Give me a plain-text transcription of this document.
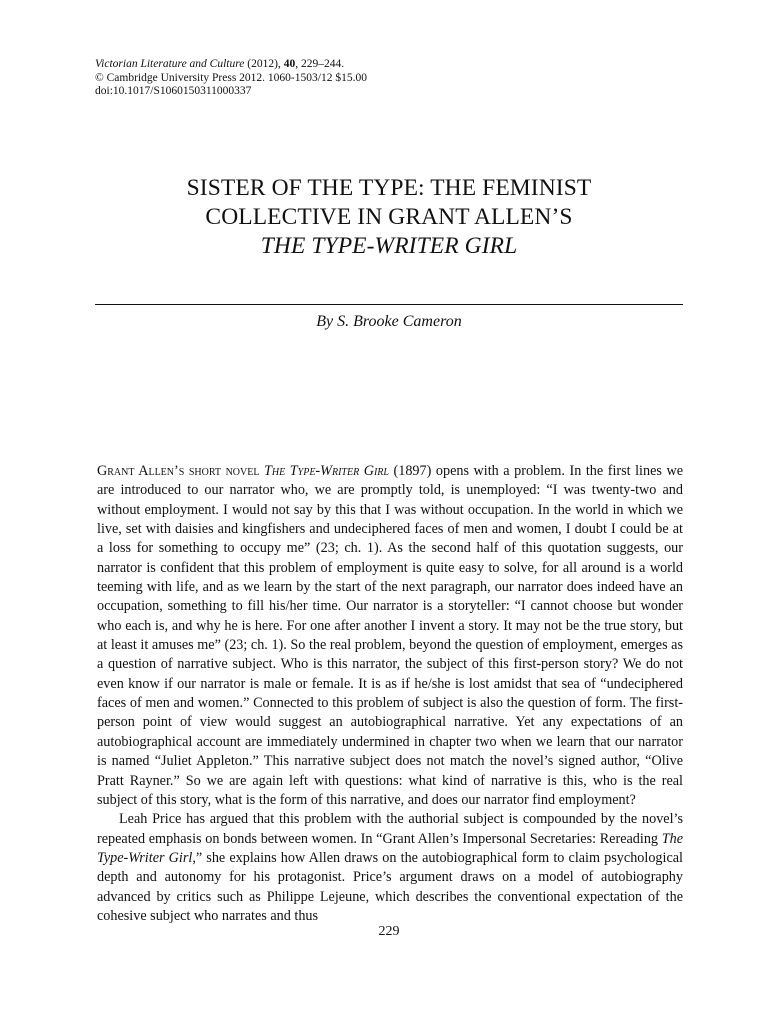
Victorian Literature and Culture (2012), 40, 229–244.
© Cambridge University Press 2012. 1060-1503/12 $15.00
doi:10.1017/S1060150311000337
SISTER OF THE TYPE: THE FEMINIST
COLLECTIVE IN GRANT ALLEN’S
THE TYPE-WRITER GIRL
By S. Brooke Cameron

Grant Allen’s short novel The Type-Writer Girl (1897) opens with a problem. In the first lines we are introduced to our narrator who, we are promptly told, is unemployed: “I was twenty-two and without employment. I would not say by this that I was without occupation. In the world in which we live, set with daisies and kingfishers and undeciphered faces of men and women, I doubt I could be at a loss for something to occupy me” (23; ch. 1). As the second half of this quotation suggests, our narrator is confident that this problem of employment is quite easy to solve, for all around is a world teeming with life, and as we learn by the start of the next paragraph, our narrator does indeed have an occupation, something to fill his/her time. Our narrator is a storyteller: “I cannot choose but wonder who each is, and why he is here. For one after another I invent a story. It may not be the true story, but at least it amuses me” (23; ch. 1). So the real problem, beyond the question of employment, emerges as a question of narrative subject. Who is this narrator, the subject of this first-person story? We do not even know if our narrator is male or female. It is as if he/she is lost amidst that sea of “undeciphered faces of men and women.” Connected to this problem of subject is also the question of form. The first-person point of view would suggest an autobiographical narrative. Yet any expectations of an autobiographical account are immediately undermined in chapter two when we learn that our narrator is named “Juliet Appleton.” This narrative subject does not match the novel’s signed author, “Olive Pratt Rayner.” So we are again left with questions: what kind of narrative is this, who is the real subject of this story, what is the form of this narrative, and does our narrator find employment?

Leah Price has argued that this problem with the authorial subject is compounded by the novel’s repeated emphasis on bonds between women. In “Grant Allen’s Impersonal Secretaries: Rereading The Type-Writer Girl,” she explains how Allen draws on the autobiographical form to claim psychological depth and autonomy for his protagonist. Price’s argument draws on a model of autobiography advanced by critics such as Philippe Lejeune, which describes the conventional expectation of the cohesive subject who narrates and thus

229
